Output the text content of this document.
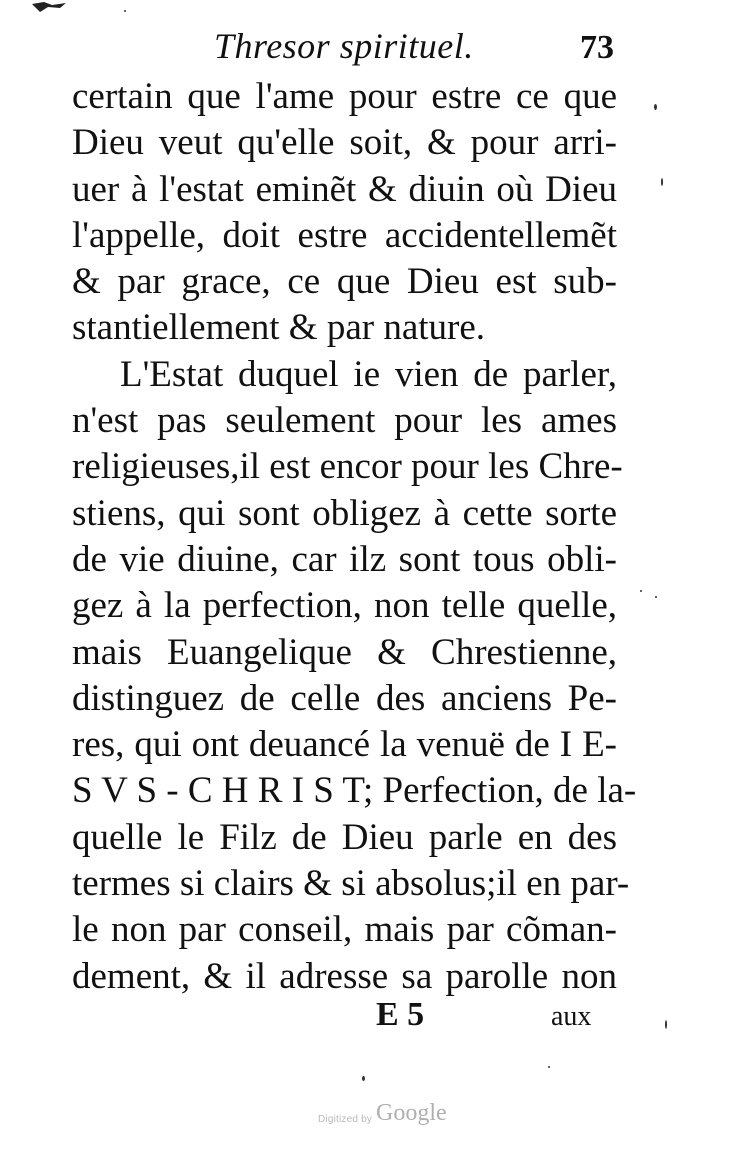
Thresor spirituel.	73
certain que l'ame pour estre ce que
Dieu veut qu'elle soit, & pour arri-
uer à l'estat eminẽt & diuin où Dieu
l'appelle, doit estre accidentellemẽt
& par grace, ce que Dieu est sub-
stantiellement & par nature.
L'Estat duquel ie vien de parler,
n'est pas seulement pour les ames
religieuses,il est encor pour les Chre-
stiens, qui sont obligez à cette sorte
de vie diuine, car ilz sont tous obli-
gez à la perfection, non telle quelle,
mais Euangelique & Chrestienne,
distinguez de celle des anciens Pe-
res, qui ont deuancé la venuë de I E-
S V S - C H R I S T; Perfection, de la-
quelle le Filz de Dieu parle en des
termes si clairs & si absolus;il en par-
le non par conseil, mais par cõman-
dement, & il adresse sa parolle non
E 5	aux
Digitized by Google
